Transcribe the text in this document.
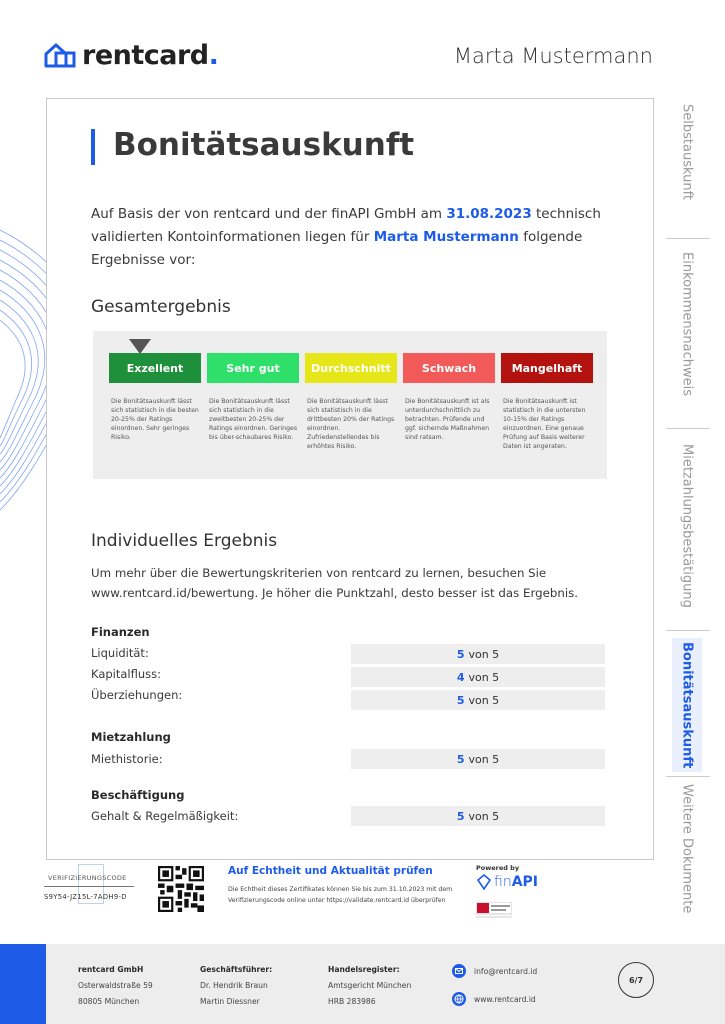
rentcard.	Marta Mustermann
Bonitätsauskunft
Auf Basis der von rentcard und der finAPI GmbH am 31.08.2023 technisch validierten Kontoinformationen liegen für Marta Mustermann folgende Ergebnisse vor:
Gesamtergebnis
Exzellent
Die Bonitätsauskunft lässt sich statistisch in die besten 20-25% der Ratings einordnen. Sehr geringes Risiko.
Sehr gut
Die Bonitätsauskunft lässt sich statistisch in die zweitbesten 20-25% der Ratings einordnen. Geringes bis über-schaubares Risiko.
Durchschnitt
Die Bonitätsauskunft lässt sich statistisch in die drittbesten 20% der Ratings einordnen. Zufriedenstellendes bis erhöhtes Risiko.
Schwach
Die Bonitätsauskunft ist als unterdurchschnittlich zu betrachten. Prüfende und ggf. sichernde Maßnahmen sind ratsam.
Mangelhaft
Die Bonitätsauskunft ist statistisch in die untersten 10-15% der Ratings einzuordnen. Eine genaue Prüfung auf Basis weiterer Daten ist angeraten.
Individuelles Ergebnis
Um mehr über die Bewertungskriterien von rentcard zu lernen, besuchen Sie www.rentcard.id/bewertung. Je höher die Punktzahl, desto besser ist das Ergebnis.
Finanzen
Liquidität:	5 von 5
Kapitalfluss:	4 von 5
Überziehungen:	5 von 5
Mietzahlung
Miethistorie:	5 von 5
Beschäftigung
Gehalt & Regelmäßigkeit:	5 von 5
Selbstauskunft
Einkommensnachweis
Mietzahlungsbestätigung
Bonitätsauskunft
Weitere Dokumente
VERIFIZIERUNGSCODE
S9Y54-JZ15L-7ADH9-D
Auf Echtheit und Aktualität prüfen
Die Echtheit dieses Zertifikates können Sie bis zum 31.10.2023 mit dem Verifizierungscode online unter https://validate.rentcard.id überprüfen
Powered by
finAPI
rentcard GmbH
Osterwaldstraße 59
80805 München
Geschäftsführer:
Dr. Hendrik Braun
Martin Diessner
Handelsregister:
Amtsgericht München
HRB 283986
info@rentcard.id
www.rentcard.id
6/7
